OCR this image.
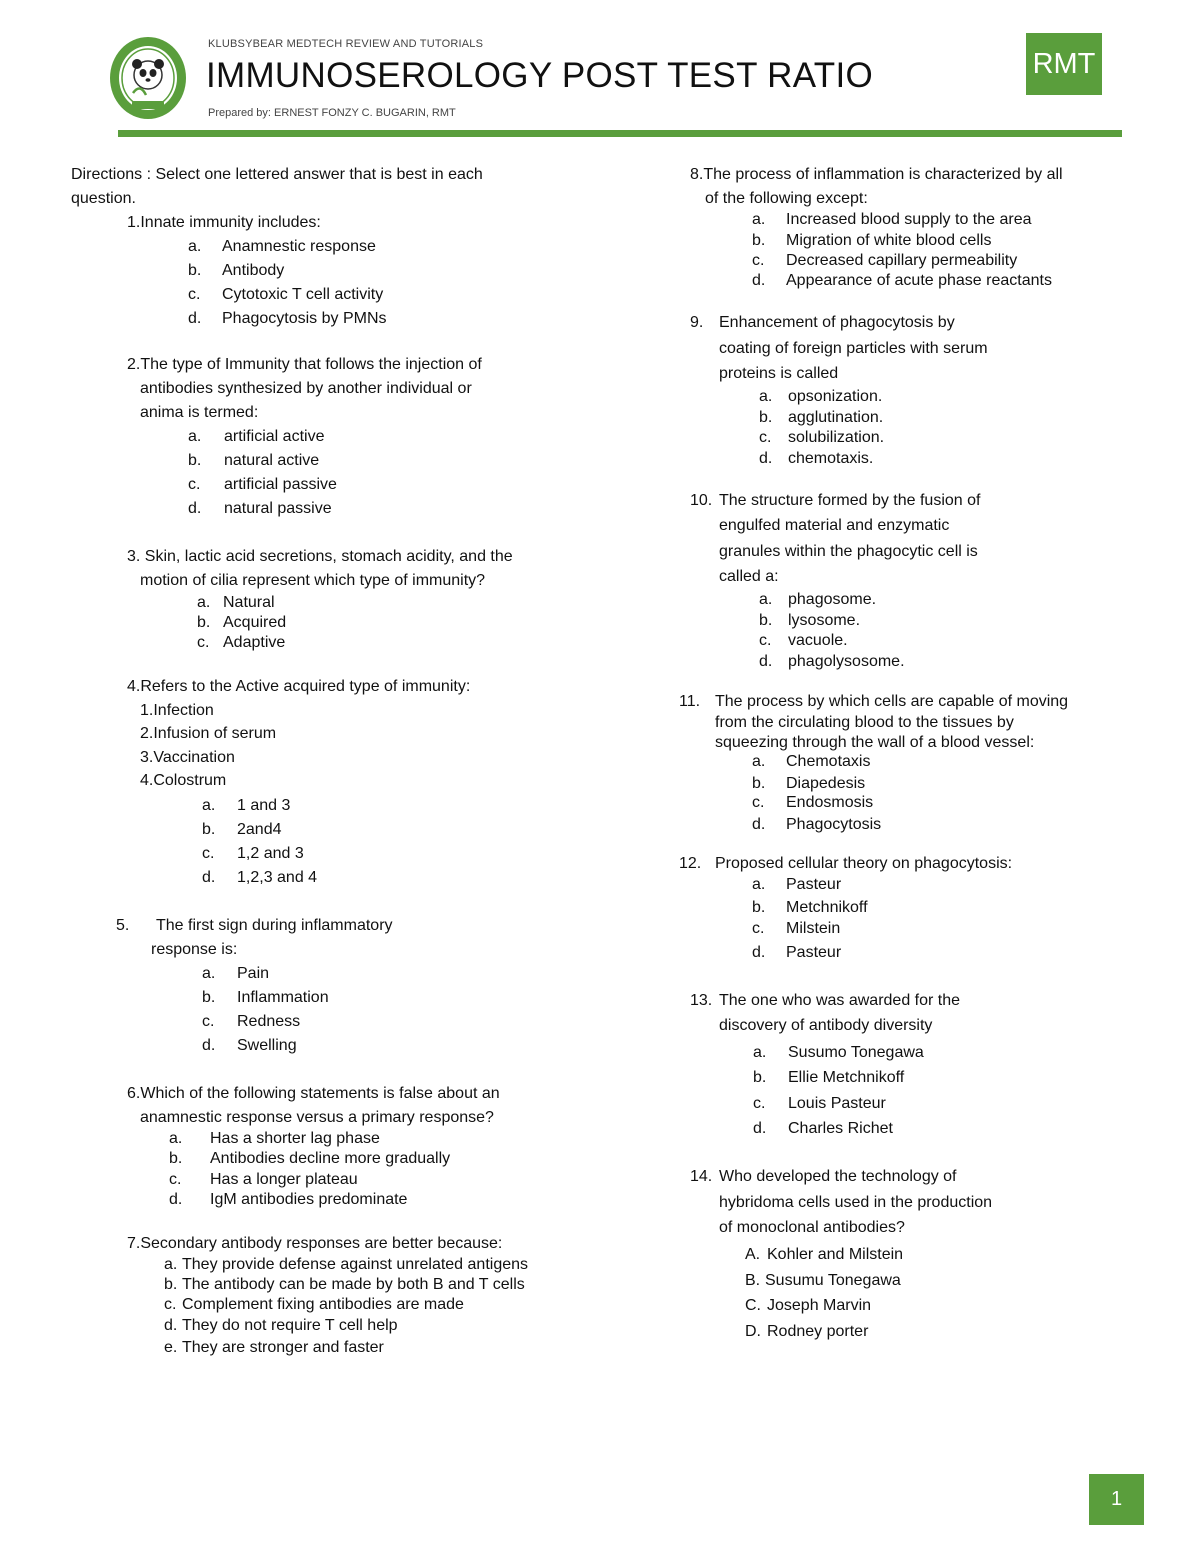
KLUBSYBEAR MEDTECH REVIEW AND TUTORIALS
IMMUNOSEROLOGY POST TEST RATIO
Prepared by: ERNEST FONZY C. BUGARIN, RMT
RMT
Directions : Select one lettered answer that is best in each
question.
1.Innate immunity includes:
a. Anamnestic response
b. Antibody
c. Cytotoxic T cell activity
d. Phagocytosis by PMNs
2.The type of Immunity that follows the injection of
antibodies synthesized by another individual or
anima is termed:
a. artificial active
b. natural active
c. artificial passive
d. natural passive
3. Skin, lactic acid secretions, stomach acidity, and the
motion of cilia represent which type of immunity?
a. Natural
b. Acquired
c. Adaptive
4.Refers to the Active acquired type of immunity:
1.Infection
2.Infusion of serum
3.Vaccination
4.Colostrum
a. 1 and 3
b. 2and4
c. 1,2 and 3
d. 1,2,3 and 4
5. The first sign during inflammatory
response is:
a. Pain
b. Inflammation
c. Redness
d. Swelling
6.Which of the following statements is false about an
anamnestic response versus a primary response?
a. Has a shorter lag phase
b. Antibodies decline more gradually
c. Has a longer plateau
d. IgM antibodies predominate
7.Secondary antibody responses are better because:
a. They provide defense against unrelated antigens
b. The antibody can be made by both B and T cells
c. Complement fixing antibodies are made
d. They do not require T cell help
e. They are stronger and faster
8.The process of inflammation is characterized by all
of the following except:
a. Increased blood supply to the area
b. Migration of white blood cells
c. Decreased capillary permeability
d. Appearance of acute phase reactants
9. Enhancement of phagocytosis by
coating of foreign particles with serum
proteins is called
a. opsonization.
b. agglutination.
c. solubilization.
d. chemotaxis.
10. The structure formed by the fusion of
engulfed material and enzymatic
granules within the phagocytic cell is
called a:
a. phagosome.
b. lysosome.
c. vacuole.
d. phagolysosome.
11. The process by which cells are capable of moving
from the circulating blood to the tissues by
squeezing through the wall of a blood vessel:
a. Chemotaxis
b. Diapedesis
c. Endosmosis
d. Phagocytosis
12. Proposed cellular theory on phagocytosis:
a. Pasteur
b. Metchnikoff
c. Milstein
d. Pasteur
13. The one who was awarded for the
discovery of antibody diversity
a. Susumo Tonegawa
b. Ellie Metchnikoff
c. Louis Pasteur
d. Charles Richet
14. Who developed the technology of
hybridoma cells used in the production
of monoclonal antibodies?
A. Kohler and Milstein
B. Susumu Tonegawa
C. Joseph Marvin
D. Rodney porter
1
